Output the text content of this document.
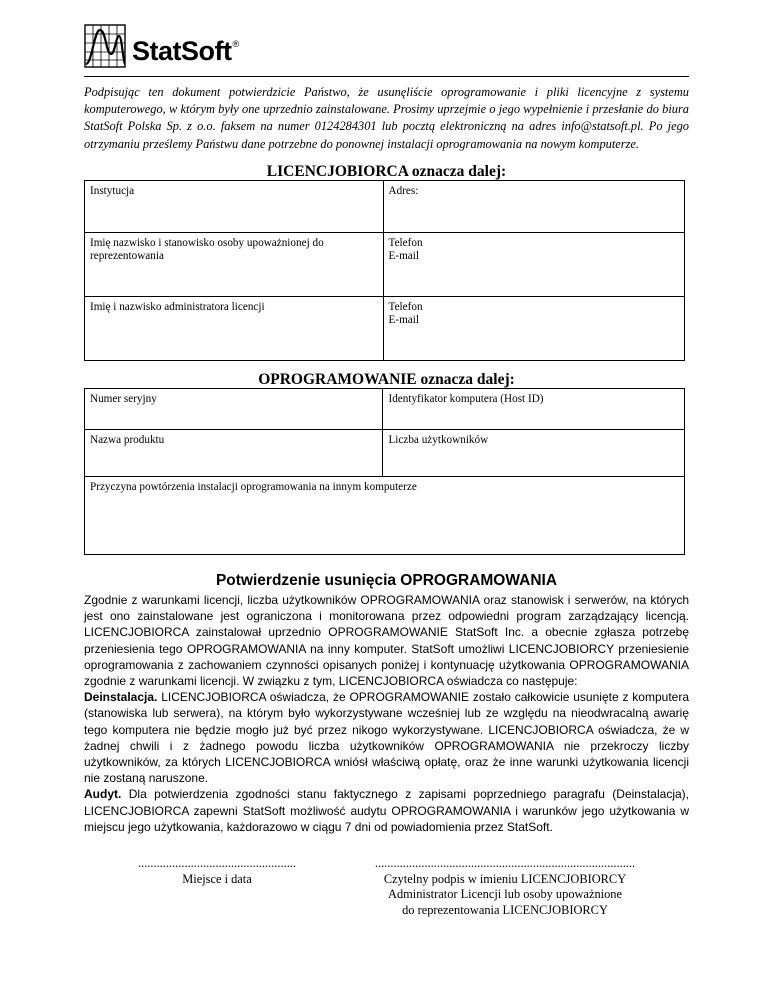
StatSoft®
Podpisując ten dokument potwierdzicie Państwo, że usunęliście oprogramowanie i pliki licencyjne z systemu komputerowego, w którym były one uprzednio zainstalowane. Prosimy uprzejmie o jego wypełnienie i przesłanie do biura StatSoft Polska Sp. z o.o. faksem na numer 0124284301 lub pocztą elektroniczną na adres info@statsoft.pl. Po jego otrzymaniu prześlemy Państwu dane potrzebne do ponownej instalacji oprogramowania na nowym komputerze.
LICENCJOBIORCA oznacza dalej:
Instytucja	Adres:

Imię nazwisko i stanowisko osoby upoważnionej do
reprezentowania	Telefon
E-mail

Imię i nazwisko administratora licencji	Telefon
E-mail
OPROGRAMOWANIE oznacza dalej:
Numer seryjny	Identyfikator komputera (Host ID)

Nazwa produktu	Liczba użytkowników

Przyczyna powtórzenia instalacji oprogramowania na innym komputerze	
Potwierdzenie usunięcia OPROGRAMOWANIA

Zgodnie z warunkami licencji, liczba użytkowników OPROGRAMOWANIA oraz stanowisk i serwerów, na których jest ono zainstalowane jest ograniczona i monitorowana przez odpowiedni program zarządzający licencją. LICENCJOBIORCA zainstalował uprzednio OPROGRAMOWANIE StatSoft Inc. a obecnie zgłasza potrzebę przeniesienia tego OPROGRAMOWANIA na inny komputer. StatSoft umożliwi LICENCJOBIORCY przeniesienie oprogramowania z zachowaniem czynności opisanych poniżej i kontynuację użytkowania OPROGRAMOWANIA zgodnie z warunkami licencji. W związku z tym, LICENCJOBIORCA oświadcza co następuje:

Deinstalacja. LICENCJOBIORCA oświadcza, że OPROGRAMOWANIE zostało całkowicie usunięte z komputera (stanowiska lub serwera), na którym było wykorzystywane wcześniej lub ze względu na nieodwracalną awarię tego komputera nie będzie mogło już być przez nikogo wykorzystywane. LICENCJOBIORCA oświadcza, że w żadnej chwili i z żadnego powodu liczba użytkowników OPROGRAMOWANIA nie przekroczy liczby użytkowników, za których LICENCJOBIORCA wniósł właściwą opłatę, oraz że inne warunki użytkowania licencji nie zostaną naruszone.

Audyt. Dla potwierdzenia zgodności stanu faktycznego z zapisami poprzedniego paragrafu (Deinstalacja), LICENCJOBIORCA zapewni StatSoft możliwość audytu OPROGRAMOWANIA i warunków jego użytkowania w miejscu jego użytkowania, każdorazowo w ciągu 7 dni od powiadomienia przez StatSoft.

...................................................
Miejsce i data
....................................................................................
Czytelny podpis w imieniu LICENCJOBIORCY
Administrator Licencji lub osoby upoważnione
do reprezentowania LICENCJOBIORCY
